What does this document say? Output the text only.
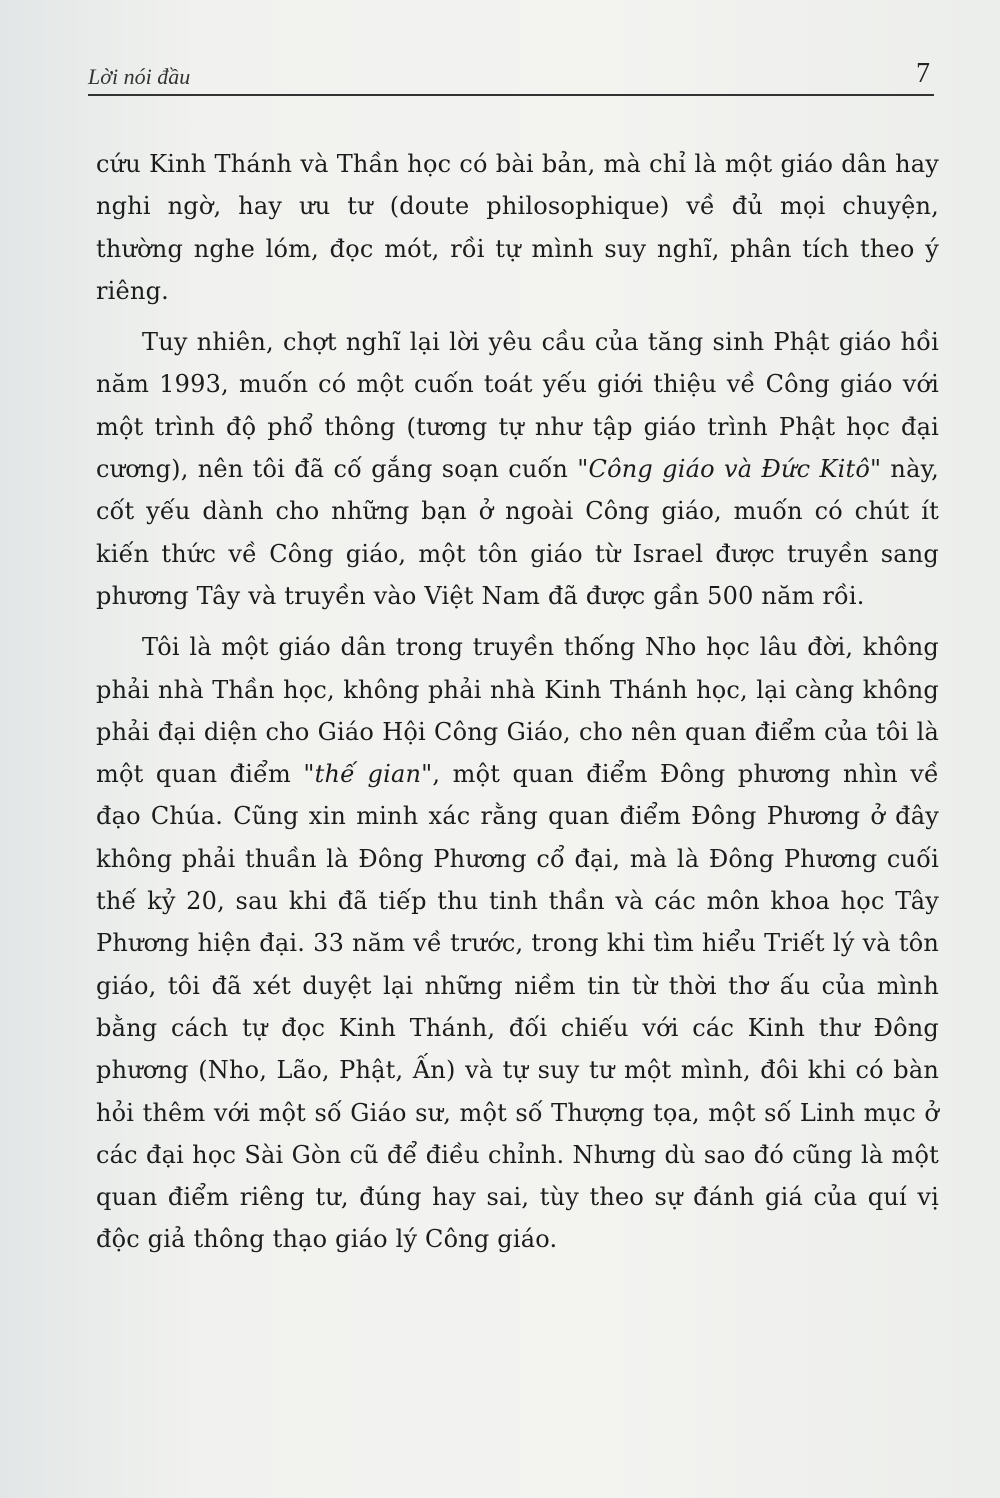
Lời nói đầu	7

cứu Kinh Thánh và Thần học có bài bản, mà chỉ là một giáo dân hay nghi ngờ, hay ưu tư (doute philosophique) về đủ mọi chuyện, thường nghe lóm, đọc mót, rồi tự mình suy nghĩ, phân tích theo ý riêng.

Tuy nhiên, chợt nghĩ lại lời yêu cầu của tăng sinh Phật giáo hồi năm 1993, muốn có một cuốn toát yếu giới thiệu về Công giáo với một trình độ phổ thông (tương tự như tập giáo trình Phật học đại cương), nên tôi đã cố gắng soạn cuốn "Công giáo và Đức Kitô" này, cốt yếu dành cho những bạn ở ngoài Công giáo, muốn có chút ít kiến thức về Công giáo, một tôn giáo từ Israel được truyền sang phương Tây và truyền vào Việt Nam đã được gần 500 năm rồi.

Tôi là một giáo dân trong truyền thống Nho học lâu đời, không phải nhà Thần học, không phải nhà Kinh Thánh học, lại càng không phải đại diện cho Giáo Hội Công Giáo, cho nên quan điểm của tôi là một quan điểm "thế gian", một quan điểm Đông phương nhìn về đạo Chúa. Cũng xin minh xác rằng quan điểm Đông Phương ở đây không phải thuần là Đông Phương cổ đại, mà là Đông Phương cuối thế kỷ 20, sau khi đã tiếp thu tinh thần và các môn khoa học Tây Phương hiện đại. 33 năm về trước, trong khi tìm hiểu Triết lý và tôn giáo, tôi đã xét duyệt lại những niềm tin từ thời thơ ấu của mình bằng cách tự đọc Kinh Thánh, đối chiếu với các Kinh thư Đông phương (Nho, Lão, Phật, Ấn) và tự suy tư một mình, đôi khi có bàn hỏi thêm với một số Giáo sư, một số Thượng tọa, một số Linh mục ở các đại học Sài Gòn cũ để điều chỉnh. Nhưng dù sao đó cũng là một quan điểm riêng tư, đúng hay sai, tùy theo sự đánh giá của quí vị độc giả thông thạo giáo lý Công giáo.
